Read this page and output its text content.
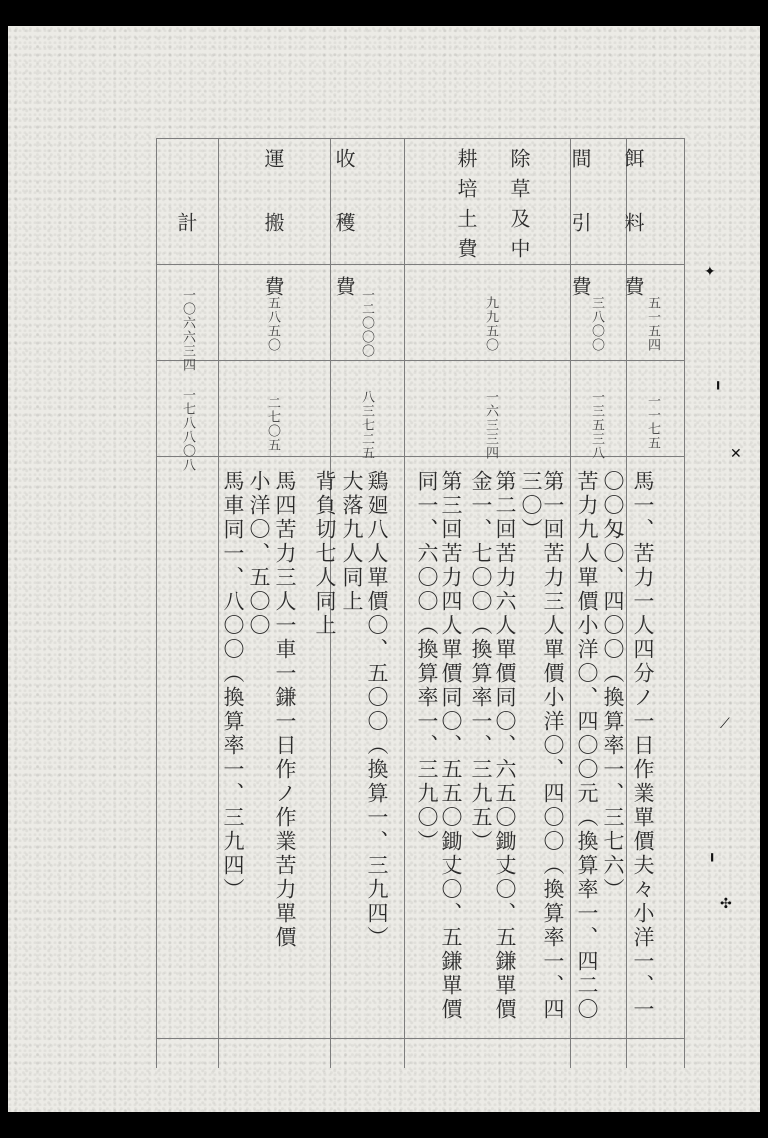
餌 料 費
間 引 費
除草及中
耕培土費
收 穫 費
運 搬 費
計
五一五四
三八〇〇
九九五〇
一二〇〇〇
五八五〇
一〇六六三四
一一七五
一三五三八
一六三三四
八三七二五
二七〇五
一七八八〇八
馬一、苦力一人四分ノ一日作業單價夫々小洋一、一
〇〇匁〇、四〇〇（換算率一、三七六）
苦力九人單價小洋〇、四〇〇元（換算率一、四二〇
第一回苦力三人單價小洋〇、四〇〇（換算率一、四
三〇）
第二回苦力六人單價同〇、六五〇鋤丈〇、五鎌單價
金一、七〇〇（換算率一、三九五）
第三回苦力四人單價同〇、五五〇鋤丈〇、五鎌單價
同一、六〇〇（換算率一、三九〇）
鶏廻八人單價〇、五〇〇（換算一、三九四）
大落九人同上
背負切七人同上
馬四苦力三人一車一鎌一日作ノ作業苦力單價
小洋〇、五〇〇
馬車同一、八〇〇（換算率一、三九四）
✦
╻
✕
⟋
╻
✣
